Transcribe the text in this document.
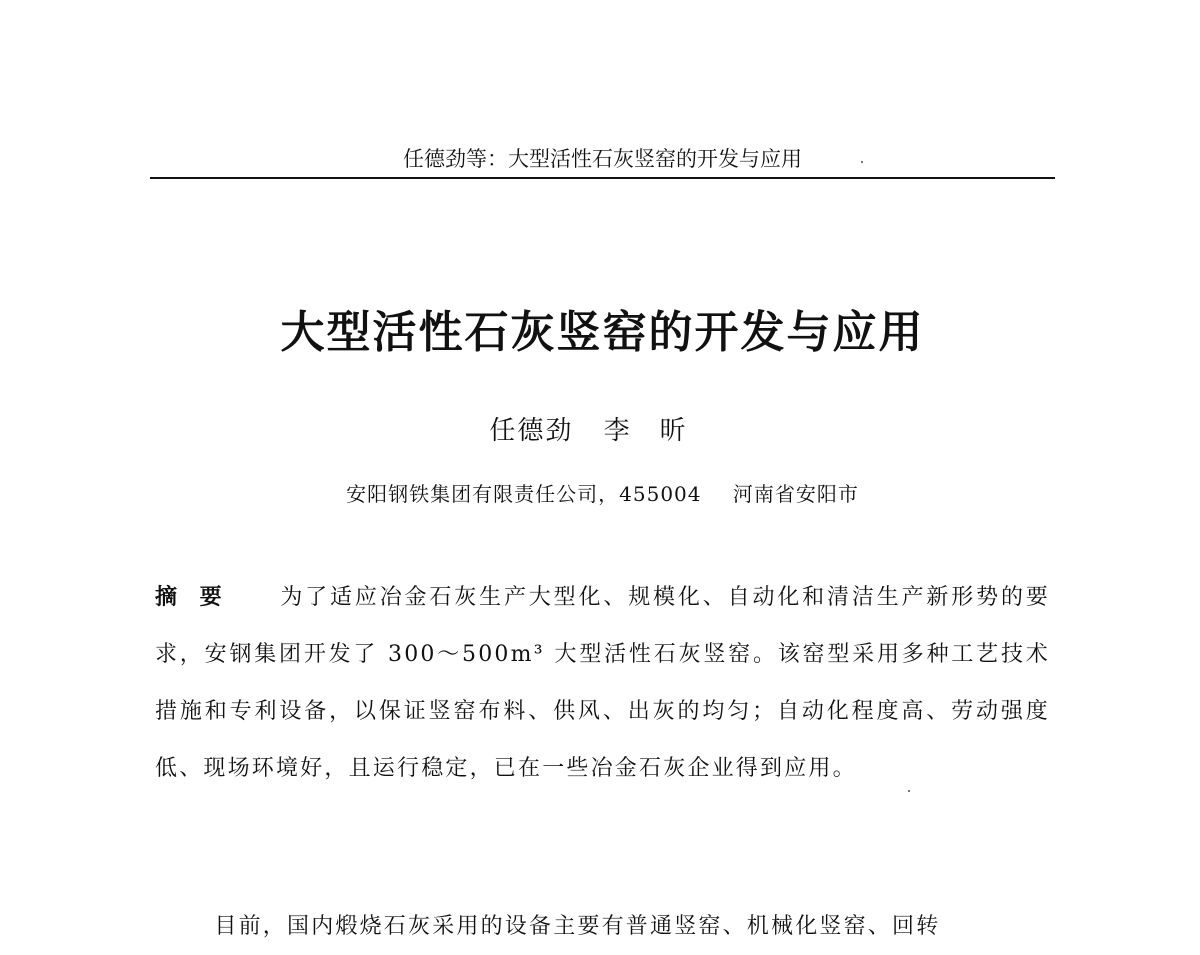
任德劲等：大型活性石灰竖窑的开发与应用
大型活性石灰竖窑的开发与应用
任德劲 李昕
安阳钢铁集团有限责任公司，455004 河南省安阳市
摘要 为了适应冶金石灰生产大型化、规模化、自动化和清洁生产新形势的要求，安钢集团开发了 300～500m³ 大型活性石灰竖窑。该窑型采用多种工艺技术措施和专利设备，以保证竖窑布料、供风、出灰的均匀；自动化程度高、劳动强度低、现场环境好，且运行稳定，已在一些冶金石灰企业得到应用。
目前，国内煅烧石灰采用的设备主要有普通竖窑、机械化竖窑、回转
